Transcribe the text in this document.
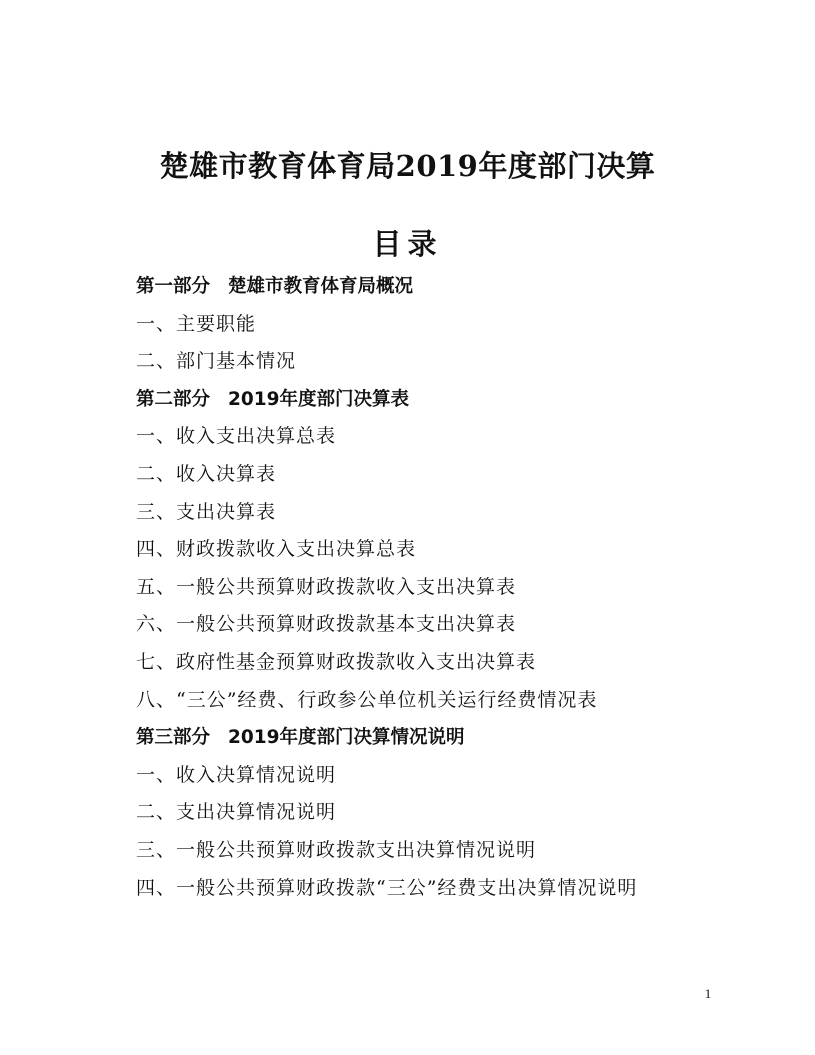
楚雄市教育体育局2019年度部门决算
目录
第一部分 楚雄市教育体育局概况
一、主要职能
二、部门基本情况
第二部分 2019年度部门决算表
一、收入支出决算总表
二、收入决算表
三、支出决算表
四、财政拨款收入支出决算总表
五、一般公共预算财政拨款收入支出决算表
六、一般公共预算财政拨款基本支出决算表
七、政府性基金预算财政拨款收入支出决算表
八、“三公”经费、行政参公单位机关运行经费情况表
第三部分 2019年度部门决算情况说明
一、收入决算情况说明
二、支出决算情况说明
三、一般公共预算财政拨款支出决算情况说明
四、一般公共预算财政拨款“三公”经费支出决算情况说明
1
